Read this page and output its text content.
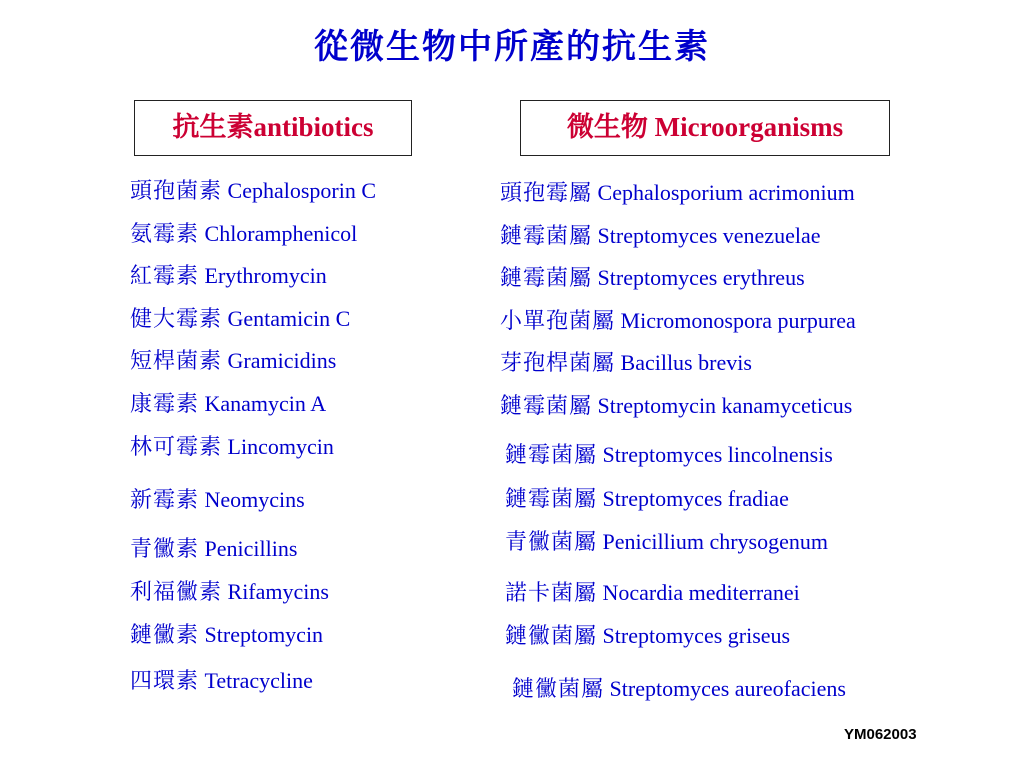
從微生物中所產的抗生素
抗生素antibiotics	微生物 Microorganisms
頭孢菌素 Cephalosporin C
氨霉素 Chloramphenicol
紅霉素 Erythromycin
健大霉素 Gentamicin C
短桿菌素 Gramicidins
康霉素 Kanamycin A
林可霉素 Lincomycin
新霉素 Neomycins
青黴素 Penicillins
利福黴素 Rifamycins
鏈黴素 Streptomycin
四環素 Tetracycline
頭孢霉屬 Cephalosporium acrimonium
鏈霉菌屬 Streptomyces venezuelae
鏈霉菌屬 Streptomyces erythreus
小單孢菌屬 Micromonospora purpurea
芽孢桿菌屬 Bacillus brevis
鏈霉菌屬 Streptomycin kanamyceticus
鏈霉菌屬 Streptomyces lincolnensis
鏈霉菌屬 Streptomyces fradiae
青黴菌屬 Penicillium chrysogenum
諾卡菌屬 Nocardia mediterranei
鏈黴菌屬 Streptomyces griseus
鏈黴菌屬 Streptomyces aureofaciens
YM062003
